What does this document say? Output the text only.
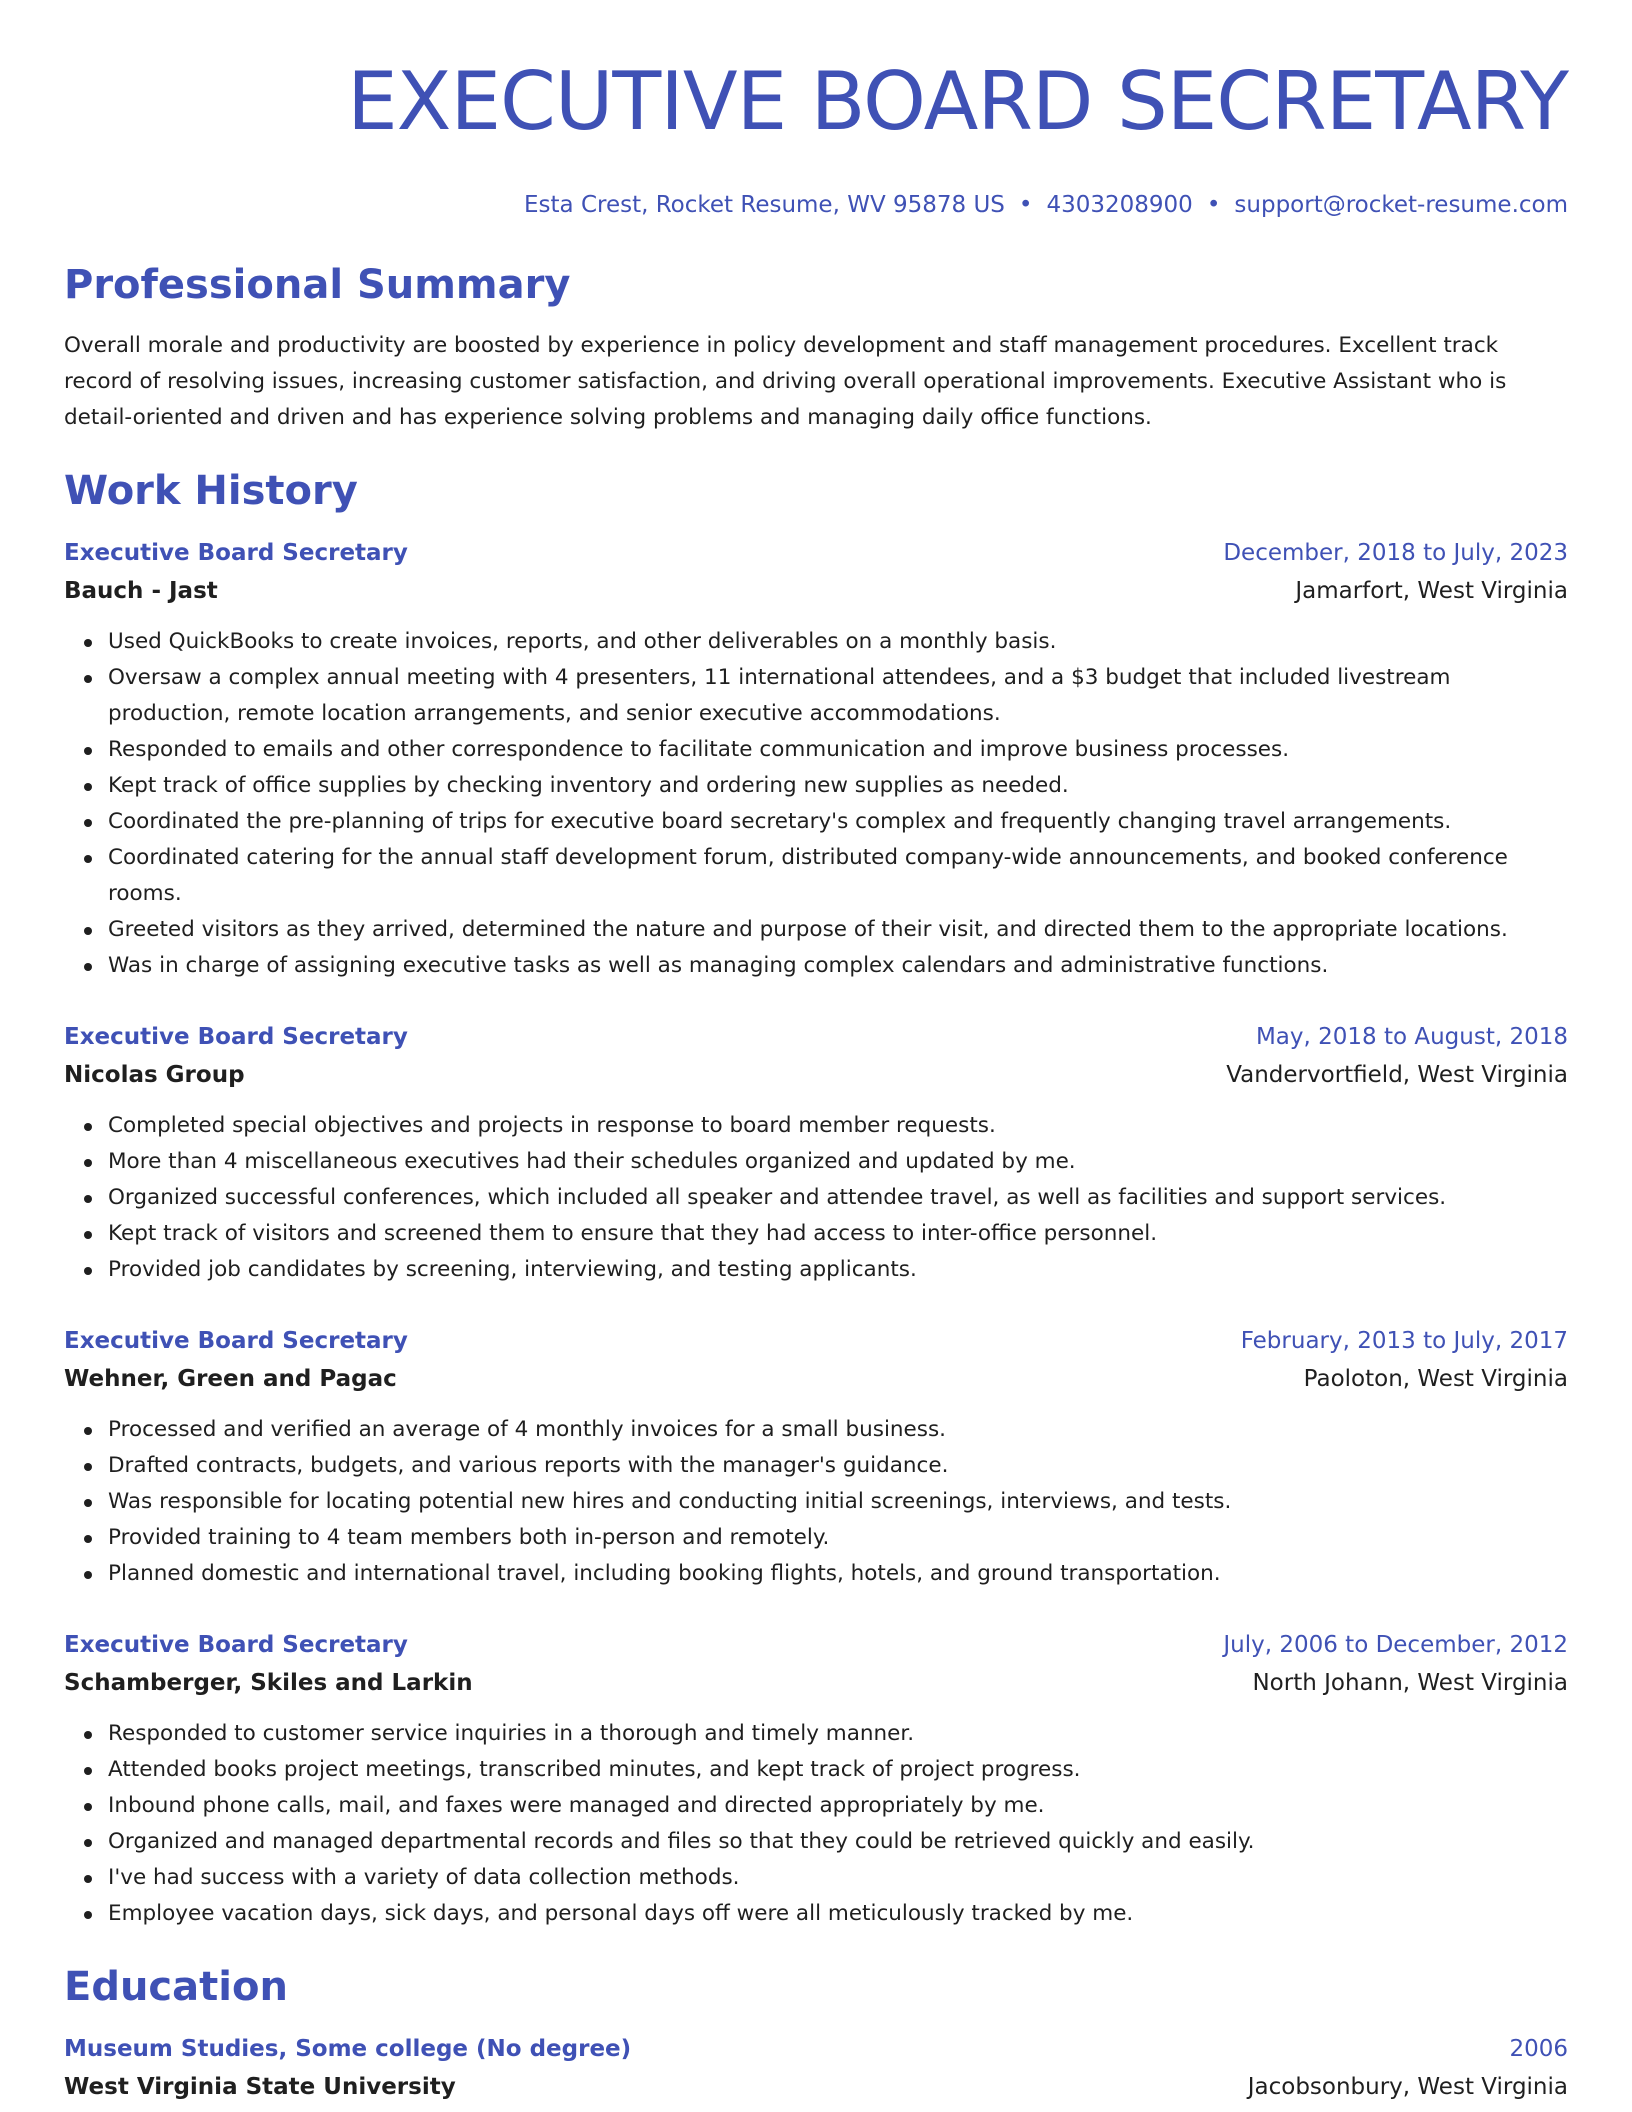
EXECUTIVE BOARD SECRETARY
Esta Crest, Rocket Resume, WV 95878 US • 4303208900 • support@rocket-resume.com
Professional Summary
Overall morale and productivity are boosted by experience in policy development and staff management procedures. Excellent track record of resolving issues, increasing customer satisfaction, and driving overall operational improvements. Executive Assistant who is detail-oriented and driven and has experience solving problems and managing daily office functions.
Work History
Executive Board Secretary	December, 2018 to July, 2023
Bauch - Jast	Jamarfort, West Virginia
Used QuickBooks to create invoices, reports, and other deliverables on a monthly basis.
Oversaw a complex annual meeting with 4 presenters, 11 international attendees, and a $3 budget that included livestream production, remote location arrangements, and senior executive accommodations.
Responded to emails and other correspondence to facilitate communication and improve business processes.
Kept track of office supplies by checking inventory and ordering new supplies as needed.
Coordinated the pre-planning of trips for executive board secretary's complex and frequently changing travel arrangements.
Coordinated catering for the annual staff development forum, distributed company-wide announcements, and booked conference rooms.
Greeted visitors as they arrived, determined the nature and purpose of their visit, and directed them to the appropriate locations.
Was in charge of assigning executive tasks as well as managing complex calendars and administrative functions.
Executive Board Secretary	May, 2018 to August, 2018
Nicolas Group	Vandervortfield, West Virginia
Completed special objectives and projects in response to board member requests.
More than 4 miscellaneous executives had their schedules organized and updated by me.
Organized successful conferences, which included all speaker and attendee travel, as well as facilities and support services.
Kept track of visitors and screened them to ensure that they had access to inter-office personnel.
Provided job candidates by screening, interviewing, and testing applicants.
Executive Board Secretary	February, 2013 to July, 2017
Wehner, Green and Pagac	Paoloton, West Virginia
Processed and verified an average of 4 monthly invoices for a small business.
Drafted contracts, budgets, and various reports with the manager's guidance.
Was responsible for locating potential new hires and conducting initial screenings, interviews, and tests.
Provided training to 4 team members both in-person and remotely.
Planned domestic and international travel, including booking flights, hotels, and ground transportation.
Executive Board Secretary	July, 2006 to December, 2012
Schamberger, Skiles and Larkin	North Johann, West Virginia
Responded to customer service inquiries in a thorough and timely manner.
Attended books project meetings, transcribed minutes, and kept track of project progress.
Inbound phone calls, mail, and faxes were managed and directed appropriately by me.
Organized and managed departmental records and files so that they could be retrieved quickly and easily.
I've had success with a variety of data collection methods.
Employee vacation days, sick days, and personal days off were all meticulously tracked by me.
Education
Museum Studies, Some college (No degree)	2006
West Virginia State University	Jacobsonbury, West Virginia
